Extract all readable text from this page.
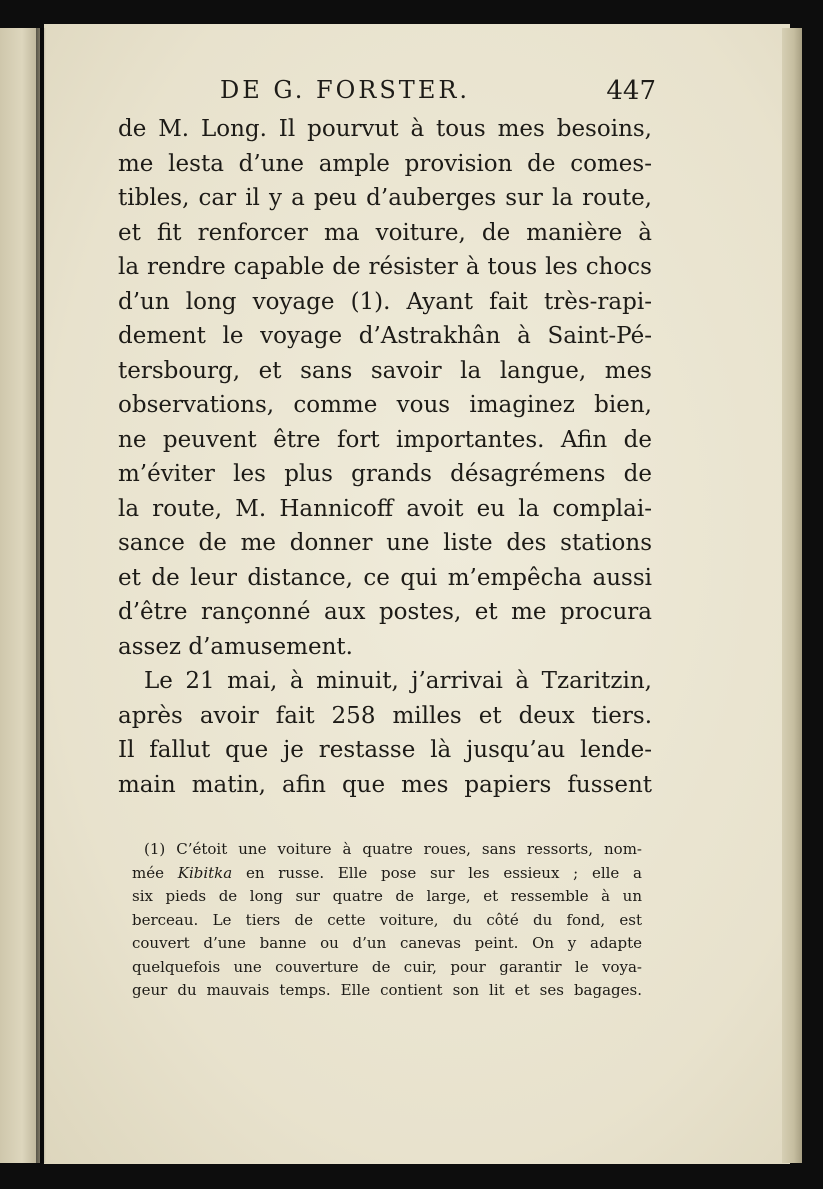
DE G. FORSTER.	447
de M. Long. Il pourvut à tous mes besoins,
me lesta d’une ample provision de comes-
tibles, car il y a peu d’auberges sur la route,
et fit renforcer ma voiture, de manière à
la rendre capable de résister à tous les chocs
d’un long voyage (1). Ayant fait très-rapi-
dement le voyage d’Astrakhân à Saint-Pé-
tersbourg, et sans savoir la langue, mes
observations, comme vous imaginez bien,
ne peuvent être fort importantes. Afin de
m’éviter les plus grands désagrémens de
la route, M. Hannicoff avoit eu la complai-
sance de me donner une liste des stations
et de leur distance, ce qui m’empêcha aussi
d’être rançonné aux postes, et me procura
assez d’amusement.
Le 21 mai, à minuit, j’arrivai à Tzaritzin,
après avoir fait 258 milles et deux tiers.
Il fallut que je restasse là jusqu’au lende-
main matin, afin que mes papiers fussent
(1) C’étoit une voiture à quatre roues, sans ressorts, nom-
mée Kibitka en russe. Elle pose sur les essieux ; elle a
six pieds de long sur quatre de large, et ressemble à un
berceau. Le tiers de cette voiture, du côté du fond, est
couvert d’une banne ou d’un canevas peint. On y adapte
quelquefois une couverture de cuir, pour garantir le voya-
geur du mauvais temps. Elle contient son lit et ses bagages.
